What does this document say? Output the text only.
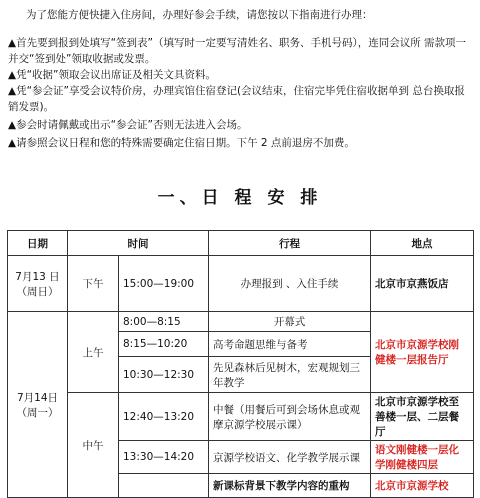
为了您能方便快捷入住房间，办理好参会手续，请您按以下指南进行办理：
▲首先要到报到处填写“签到表”（填写时一定要写清姓名、职务、手机号码），连同会议所 需款项一并交“签到处”领取收据或发票。
▲凭“收据”领取会议出席证及相关文具资料。
▲凭“参会证”享受会议特价房，办理宾馆住宿登记(会议结束，住宿完毕凭住宿收据单到 总台换取报销发票)。
▲参会时请佩戴或出示“参会证”否则无法进入会场。
▲请参照会议日程和您的特殊需要确定住宿日期。下午 2 点前退房不加费。
一、日 程 安 排
日期	时间		行程	地点
7月13 日（周日）	下午	15:00—19:00	办理报到 、入住手续	北京市京燕饭店
7月14日（周一）	上午	8:00—8:15	开幕式	北京市京源学校刚健楼一层报告厅
		8:15—10:20	高考命题思维与备考	
		10:30—12:30	先见森林后见树木，宏观规划三年教学	
	中午	12:40—13:20	中餐（用餐后可到会场休息或观摩京源学校展示课）	北京市京源学校至善楼一层、二层餐厅
		13:30—14:20	京源学校语文、化学教学展示课	语文刚健楼一层化学刚健楼四层
			新课标背景下教学内容的重构	北京市京源学校
